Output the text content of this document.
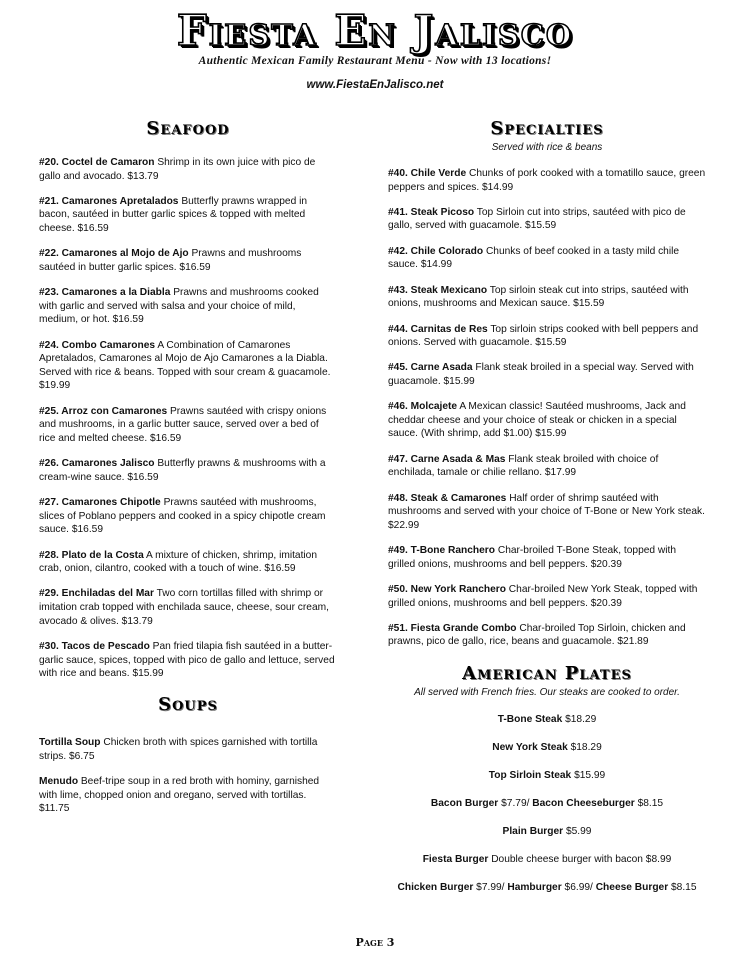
Fiesta En Jalisco
Authentic Mexican Family Restaurant Menu - Now with 13 locations!
www.FiestaEnJalisco.net
Seafood
#20. Coctel de Camaron Shrimp in its own juice with pico de gallo and avocado. $13.79
#21. Camarones Apretalados Butterfly prawns wrapped in bacon, sautéed in butter garlic spices & topped with melted cheese. $16.59
#22. Camarones al Mojo de Ajo Prawns and mushrooms sautéed in butter garlic spices. $16.59
#23. Camarones a la Diabla Prawns and mushrooms cooked with garlic and served with salsa and your choice of mild, medium, or hot. $16.59
#24. Combo Camarones A Combination of Camarones Apretalados, Camarones al Mojo de Ajo Camarones a la Diabla. Served with rice & beans. Topped with sour cream & guacamole. $19.99
#25. Arroz con Camarones Prawns sautéed with crispy onions and mushrooms, in a garlic butter sauce, served over a bed of rice and melted cheese. $16.59
#26. Camarones Jalisco Butterfly prawns & mushrooms with a cream-wine sauce. $16.59
#27. Camarones Chipotle Prawns sautéed with mushrooms, slices of Poblano peppers and cooked in a spicy chipotle cream sauce. $16.59
#28. Plato de la Costa A mixture of chicken, shrimp, imitation crab, onion, cilantro, cooked with a touch of wine. $16.59
#29. Enchiladas del Mar Two corn tortillas filled with shrimp or imitation crab topped with enchilada sauce, cheese, sour cream, avocado & olives. $13.79
#30. Tacos de Pescado Pan fried tilapia fish sautéed in a butter-garlic sauce, spices, topped with pico de gallo and lettuce, served with rice and beans. $15.99
Soups
Tortilla Soup Chicken broth with spices garnished with tortilla strips. $6.75
Menudo Beef-tripe soup in a red broth with hominy, garnished with lime, chopped onion and oregano, served with tortillas. $11.75
Specialties
Served with rice & beans
#40. Chile Verde Chunks of pork cooked with a tomatillo sauce, green peppers and spices. $14.99
#41. Steak Picoso Top Sirloin cut into strips, sautéed with pico de gallo, served with guacamole. $15.59
#42. Chile Colorado Chunks of beef cooked in a tasty mild chile sauce. $14.99
#43. Steak Mexicano Top sirloin steak cut into strips, sautéed with onions, mushrooms and Mexican sauce. $15.59
#44. Carnitas de Res Top sirloin strips cooked with bell peppers and onions. Served with guacamole. $15.59
#45. Carne Asada Flank steak broiled in a special way. Served with guacamole. $15.99
#46. Molcajete A Mexican classic! Sautéed mushrooms, Jack and cheddar cheese and your choice of steak or chicken in a special sauce. (With shrimp, add $1.00) $15.99
#47. Carne Asada & Mas Flank steak broiled with choice of enchilada, tamale or chilie rellano. $17.99
#48. Steak & Camarones Half order of shrimp sautéed with mushrooms and served with your choice of T-Bone or New York steak. $22.99
#49. T-Bone Ranchero Char-broiled T-Bone Steak, topped with grilled onions, mushrooms and bell peppers. $20.39
#50. New York Ranchero Char-broiled New York Steak, topped with grilled onions, mushrooms and bell peppers. $20.39
#51. Fiesta Grande Combo Char-broiled Top Sirloin, chicken and prawns, pico de gallo, rice, beans and guacamole. $21.89
American Plates
All served with French fries. Our steaks are cooked to order.
T-Bone Steak $18.29
New York Steak $18.29
Top Sirloin Steak $15.99
Bacon Burger $7.79/ Bacon Cheeseburger $8.15
Plain Burger $5.99
Fiesta Burger Double cheese burger with bacon $8.99
Chicken Burger $7.99/ Hamburger $6.99/ Cheese Burger $8.15
Page 3
